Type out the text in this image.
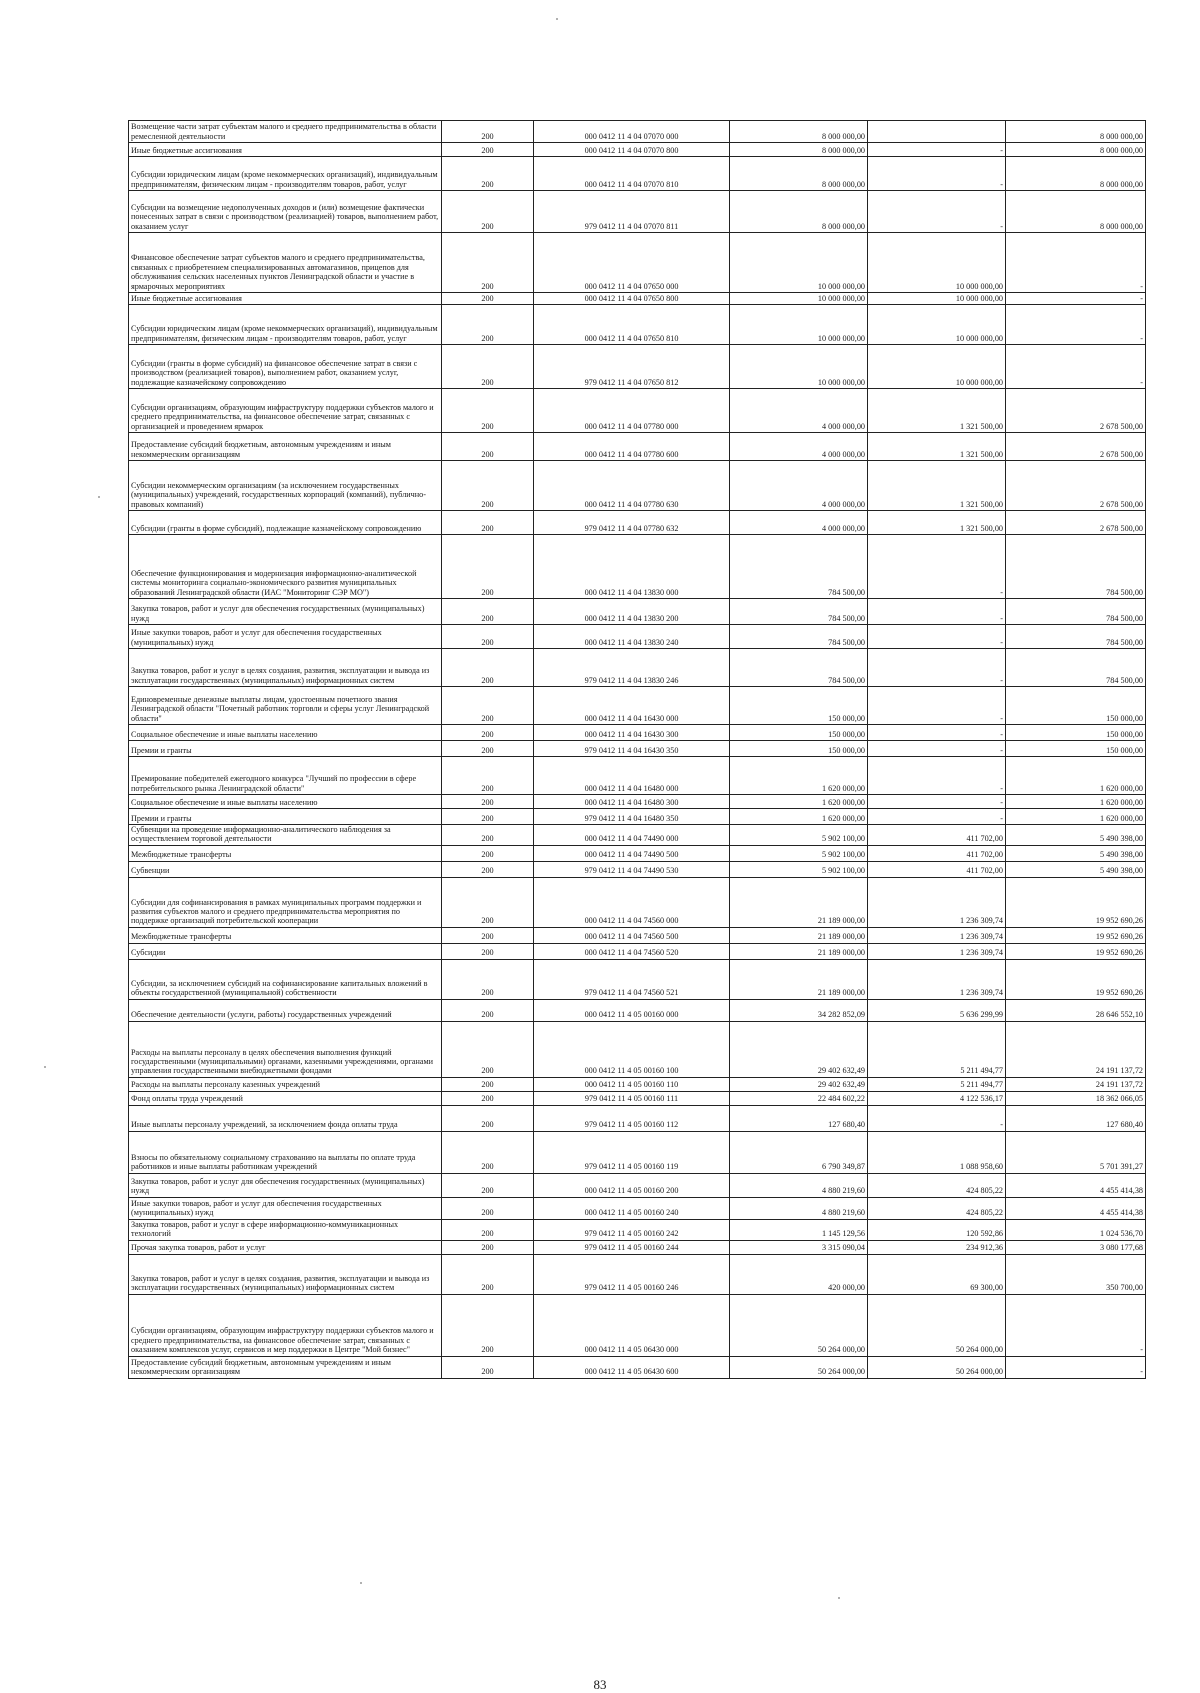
Возмещение части затрат субъектам малого и среднего предпринимательства в области ремесленной деятельности	200	000 0412 11 4 04 07070 000	8 000 000,00		8 000 000,00
Иные бюджетные ассигнования	200	000 0412 11 4 04 07070 800	8 000 000,00	-	8 000 000,00
Субсидии юридическим лицам (кроме некоммерческих организаций), индивидуальным предпринимателям, физическим лицам - производителям товаров, работ, услуг	200	000 0412 11 4 04 07070 810	8 000 000,00	-	8 000 000,00
Субсидии на возмещение недополученных доходов и (или) возмещение фактически понесенных затрат в связи с производством (реализацией) товаров, выполнением работ, оказанием услуг	200	979 0412 11 4 04 07070 811	8 000 000,00	-	8 000 000,00
Финансовое обеспечение затрат субъектов малого и среднего предпринимательства, связанных с приобретением специализированных автомагазинов, прицепов для обслуживания сельских населенных пунктов Ленинградской области и участие в ярмарочных мероприятиях	200	000 0412 11 4 04 07650 000	10 000 000,00	10 000 000,00	-
Иные бюджетные ассигнования	200	000 0412 11 4 04 07650 800	10 000 000,00	10 000 000,00	-
Субсидии юридическим лицам (кроме некоммерческих организаций), индивидуальным предпринимателям, физическим лицам - производителям товаров, работ, услуг	200	000 0412 11 4 04 07650 810	10 000 000,00	10 000 000,00	-
Субсидии (гранты в форме субсидий) на финансовое обеспечение затрат в связи с производством (реализацией товаров), выполнением работ, оказанием услуг, подлежащие казначейскому сопровождению	200	979 0412 11 4 04 07650 812	10 000 000,00	10 000 000,00	-
Субсидии организациям, образующим инфраструктуру поддержки субъектов малого и среднего предпринимательства, на финансовое обеспечение затрат, связанных с организацией и проведением ярмарок	200	000 0412 11 4 04 07780 000	4 000 000,00	1 321 500,00	2 678 500,00
Предоставление субсидий бюджетным, автономным учреждениям и иным некоммерческим организациям	200	000 0412 11 4 04 07780 600	4 000 000,00	1 321 500,00	2 678 500,00
Субсидии некоммерческим организациям (за исключением государственных (муниципальных) учреждений, государственных корпораций (компаний), публично-правовых компаний)	200	000 0412 11 4 04 07780 630	4 000 000,00	1 321 500,00	2 678 500,00
Субсидии (гранты в форме субсидий), подлежащие казначейскому сопровождению	200	979 0412 11 4 04 07780 632	4 000 000,00	1 321 500,00	2 678 500,00
Обеспечение функционирования и модернизация информационно-аналитической системы мониторинга социально-экономического развития муниципальных образований Ленинградской области (ИАС "Мониторинг СЭР МО")	200	000 0412 11 4 04 13830 000	784 500,00	-	784 500,00
Закупка товаров, работ и услуг для обеспечения государственных (муниципальных) нужд	200	000 0412 11 4 04 13830 200	784 500,00	-	784 500,00
Иные закупки товаров, работ и услуг для обеспечения государственных (муниципальных) нужд	200	000 0412 11 4 04 13830 240	784 500,00	-	784 500,00
Закупка товаров, работ и услуг в целях создания, развития, эксплуатации и вывода из эксплуатации государственных (муниципальных) информационных систем	200	979 0412 11 4 04 13830 246	784 500,00	-	784 500,00
Единовременные денежные выплаты лицам, удостоенным почетного звания Ленинградской области "Почетный работник торговли и сферы услуг Ленинградской области"	200	000 0412 11 4 04 16430 000	150 000,00	-	150 000,00
Социальное обеспечение и иные выплаты населению	200	000 0412 11 4 04 16430 300	150 000,00	-	150 000,00
Премии и гранты	200	979 0412 11 4 04 16430 350	150 000,00	-	150 000,00
Премирование победителей ежегодного конкурса "Лучший по профессии в сфере потребительского рынка Ленинградской области"	200	000 0412 11 4 04 16480 000	1 620 000,00	-	1 620 000,00
Социальное обеспечение и иные выплаты населению	200	000 0412 11 4 04 16480 300	1 620 000,00	-	1 620 000,00
Премии и гранты	200	979 0412 11 4 04 16480 350	1 620 000,00	-	1 620 000,00
Субвенции на проведение информационно-аналитического наблюдения за осуществлением торговой деятельности	200	000 0412 11 4 04 74490 000	5 902 100,00	411 702,00	5 490 398,00
Межбюджетные трансферты	200	000 0412 11 4 04 74490 500	5 902 100,00	411 702,00	5 490 398,00
Субвенции	200	979 0412 11 4 04 74490 530	5 902 100,00	411 702,00	5 490 398,00
Субсидии для софинансирования в рамках муниципальных программ поддержки и развития субъектов малого и среднего предпринимательства мероприятия по поддержке организаций потребительской кооперации	200	000 0412 11 4 04 74560 000	21 189 000,00	1 236 309,74	19 952 690,26
Межбюджетные трансферты	200	000 0412 11 4 04 74560 500	21 189 000,00	1 236 309,74	19 952 690,26
Субсидии	200	000 0412 11 4 04 74560 520	21 189 000,00	1 236 309,74	19 952 690,26
Субсидии, за исключением субсидий на софинансирование капитальных вложений в объекты государственной (муниципальной) собственности	200	979 0412 11 4 04 74560 521	21 189 000,00	1 236 309,74	19 952 690,26
Обеспечение деятельности (услуги, работы) государственных учреждений	200	000 0412 11 4 05 00160 000	34 282 852,09	5 636 299,99	28 646 552,10
Расходы на выплаты персоналу в целях обеспечения выполнения функций государственными (муниципальными) органами, казенными учреждениями, органами управления государственными внебюджетными фондами	200	000 0412 11 4 05 00160 100	29 402 632,49	5 211 494,77	24 191 137,72
Расходы на выплаты персоналу казенных учреждений	200	000 0412 11 4 05 00160 110	29 402 632,49	5 211 494,77	24 191 137,72
Фонд оплаты труда учреждений	200	979 0412 11 4 05 00160 111	22 484 602,22	4 122 536,17	18 362 066,05
Иные выплаты персоналу учреждений, за исключением фонда оплаты труда	200	979 0412 11 4 05 00160 112	127 680,40	-	127 680,40
Взносы по обязательному социальному страхованию на выплаты по оплате труда работников и иные выплаты работникам учреждений	200	979 0412 11 4 05 00160 119	6 790 349,87	1 088 958,60	5 701 391,27
Закупка товаров, работ и услуг для обеспечения государственных (муниципальных) нужд	200	000 0412 11 4 05 00160 200	4 880 219,60	424 805,22	4 455 414,38
Иные закупки товаров, работ и услуг для обеспечения государственных (муниципальных) нужд	200	000 0412 11 4 05 00160 240	4 880 219,60	424 805,22	4 455 414,38
Закупка товаров, работ и услуг в сфере информационно-коммуникационных технологий	200	979 0412 11 4 05 00160 242	1 145 129,56	120 592,86	1 024 536,70
Прочая закупка товаров, работ и услуг	200	979 0412 11 4 05 00160 244	3 315 090,04	234 912,36	3 080 177,68
Закупка товаров, работ и услуг в целях создания, развития, эксплуатации и вывода из эксплуатации государственных (муниципальных) информационных систем	200	979 0412 11 4 05 00160 246	420 000,00	69 300,00	350 700,00
Субсидии организациям, образующим инфраструктуру поддержки субъектов малого и среднего предпринимательства, на финансовое обеспечение затрат, связанных с оказанием комплексов услуг, сервисов и мер поддержки в Центре "Мой бизнес"	200	000 0412 11 4 05 06430 000	50 264 000,00	50 264 000,00	-
Предоставление субсидий бюджетным, автономным учреждениям и иным некоммерческим организациям	200	000 0412 11 4 05 06430 600	50 264 000,00	50 264 000,00	-
83
